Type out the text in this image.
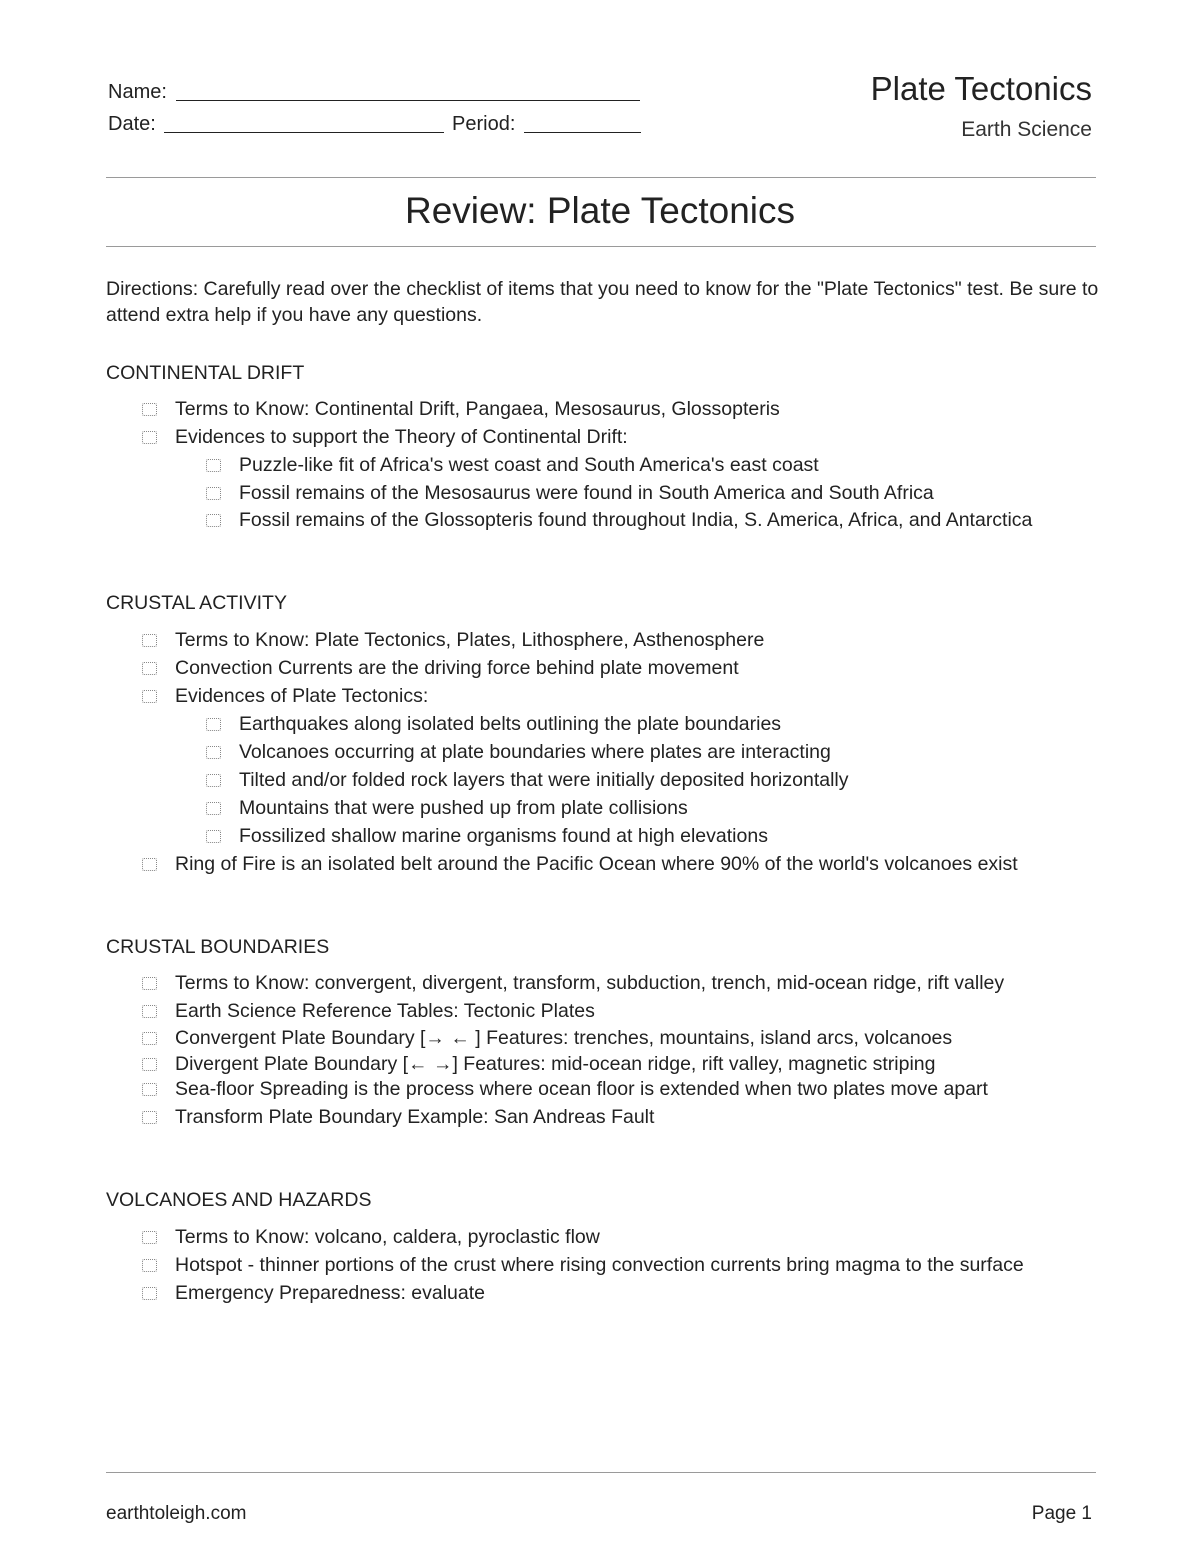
Name:
Date:	Period:
Plate Tectonics
Earth Science
Review: Plate Tectonics
Directions: Carefully read over the checklist of items that you need to know for the "Plate Tectonics" test. Be sure to attend extra help if you have any questions.
CONTINENTAL DRIFT
Terms to Know: Continental Drift, Pangaea, Mesosaurus, Glossopteris
Evidences to support the Theory of Continental Drift:
Puzzle-like fit of Africa's west coast and South America's east coast
Fossil remains of the Mesosaurus were found in South America and South Africa
Fossil remains of the Glossopteris found throughout India, S. America, Africa, and Antarctica
CRUSTAL ACTIVITY
Terms to Know: Plate Tectonics, Plates, Lithosphere, Asthenosphere
Convection Currents are the driving force behind plate movement
Evidences of Plate Tectonics:
Earthquakes along isolated belts outlining the plate boundaries
Volcanoes occurring at plate boundaries where plates are interacting
Tilted and/or folded rock layers that were initially deposited horizontally
Mountains that were pushed up from plate collisions
Fossilized shallow marine organisms found at high elevations
Ring of Fire is an isolated belt around the Pacific Ocean where 90% of the world's volcanoes exist
CRUSTAL BOUNDARIES
Terms to Know: convergent, divergent, transform, subduction, trench, mid-ocean ridge, rift valley
Earth Science Reference Tables: Tectonic Plates
Convergent Plate Boundary [→ ← ] Features: trenches, mountains, island arcs, volcanoes
Divergent Plate Boundary [← →] Features: mid-ocean ridge, rift valley, magnetic striping
Sea-floor Spreading is the process where ocean floor is extended when two plates move apart
Transform Plate Boundary Example: San Andreas Fault
VOLCANOES AND HAZARDS
Terms to Know: volcano, caldera, pyroclastic flow
Hotspot - thinner portions of the crust where rising convection currents bring magma to the surface
Emergency Preparedness: evaluate
earthtoleigh.com	Page 1
